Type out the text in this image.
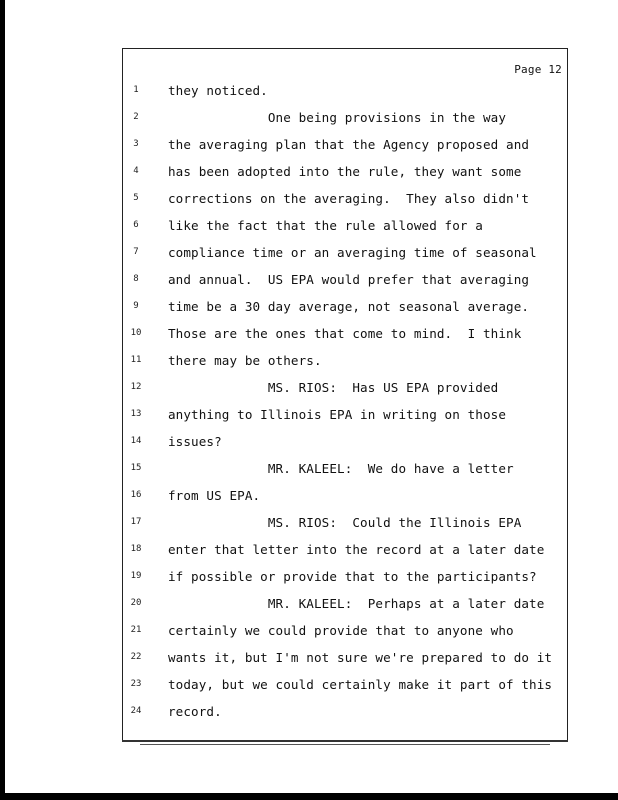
Page 12
1	they noticed.
2	One being provisions in the way
3	the averaging plan that the Agency proposed and
4	has been adopted into the rule, they want some
5	corrections on the averaging.  They also didn't
6	like the fact that the rule allowed for a
7	compliance time or an averaging time of seasonal
8	and annual.  US EPA would prefer that averaging
9	time be a 30 day average, not seasonal average.
10	Those are the ones that come to mind.  I think
11	there may be others.
12	MS. RIOS:  Has US EPA provided
13	anything to Illinois EPA in writing on those
14	issues?
15	MR. KALEEL:  We do have a letter
16	from US EPA.
17	MS. RIOS:  Could the Illinois EPA
18	enter that letter into the record at a later date
19	if possible or provide that to the participants?
20	MR. KALEEL:  Perhaps at a later date
21	certainly we could provide that to anyone who
22	wants it, but I'm not sure we're prepared to do it
23	today, but we could certainly make it part of this
24	record.
